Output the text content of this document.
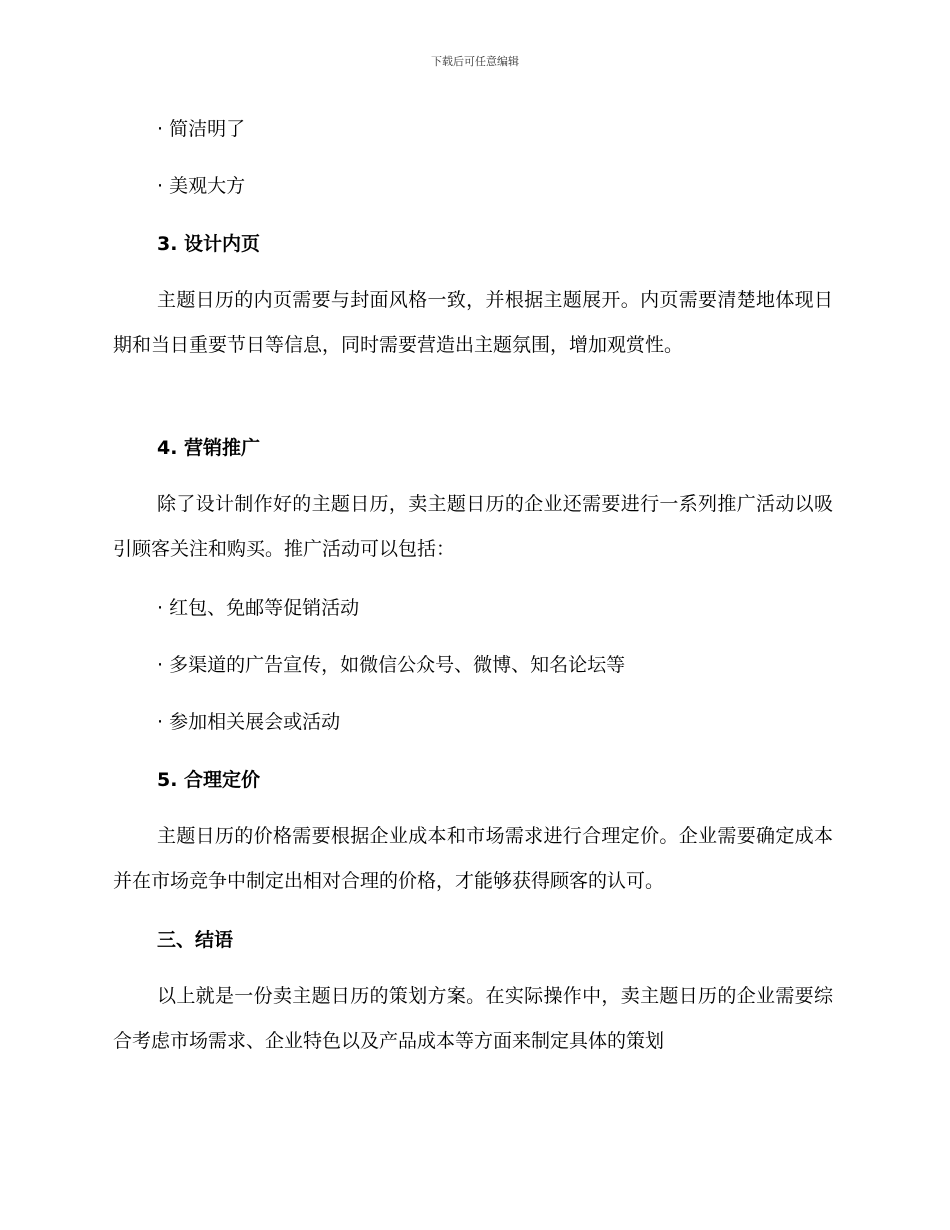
下载后可任意编辑
· 简洁明了
· 美观大方
3. 设计内页
主题日历的内页需要与封面风格一致，并根据主题展开。内页需要清楚地体现日期和当日重要节日等信息，同时需要营造出主题氛围，增加观赏性。
4. 营销推广
除了设计制作好的主题日历，卖主题日历的企业还需要进行一系列推广活动以吸引顾客关注和购买。推广活动可以包括：
· 红包、免邮等促销活动
· 多渠道的广告宣传，如微信公众号、微博、知名论坛等
· 参加相关展会或活动
5. 合理定价
主题日历的价格需要根据企业成本和市场需求进行合理定价。企业需要确定成本并在市场竞争中制定出相对合理的价格，才能够获得顾客的认可。
三、结语
以上就是一份卖主题日历的策划方案。在实际操作中，卖主题日历的企业需要综合考虑市场需求、企业特色以及产品成本等方面来制定具体的策划
